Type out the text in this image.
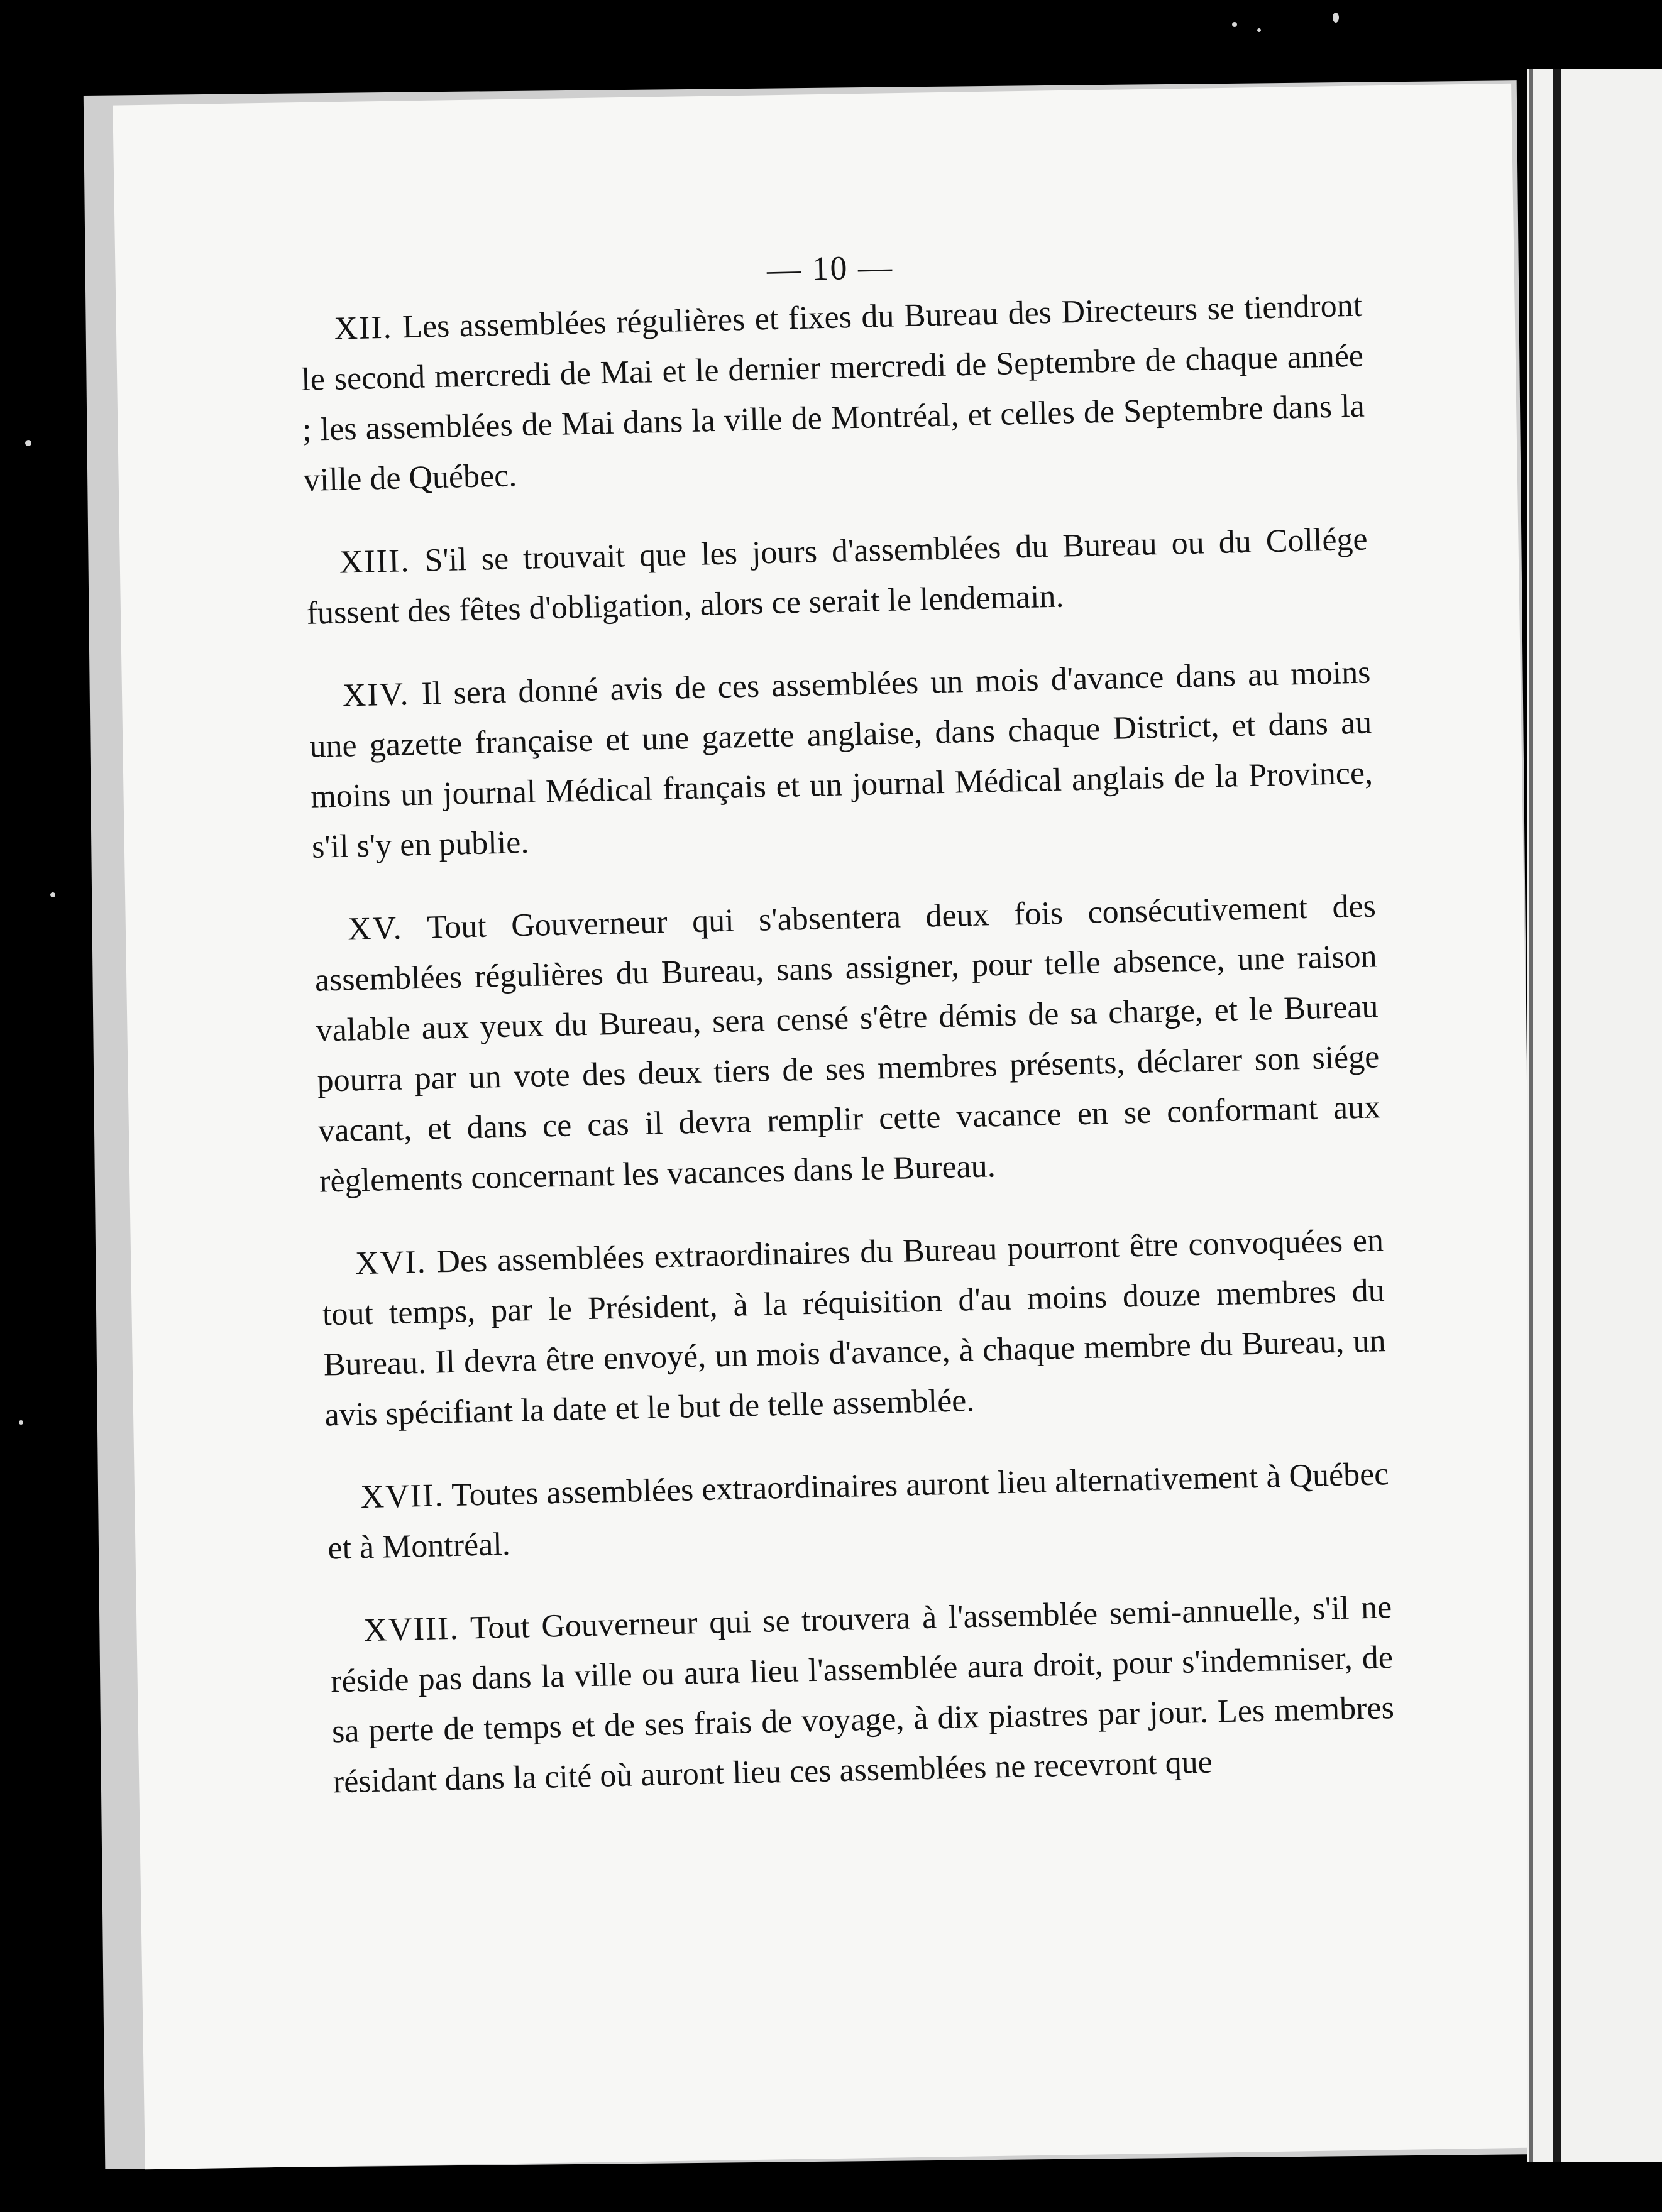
— 10 —

XII. Les assemblées régulières et fixes du Bureau des Directeurs se tiendront le second mercredi de Mai et le dernier mercredi de Septembre de chaque année ; les assemblées de Mai dans la ville de Montréal, et celles de Septembre dans la ville de Québec.

XIII. S'il se trouvait que les jours d'assemblées du Bureau ou du Collége fussent des fêtes d'obligation, alors ce serait le lendemain.

XIV. Il sera donné avis de ces assemblées un mois d'avance dans au moins une gazette française et une gazette anglaise, dans chaque District, et dans au moins un journal Médical français et un journal Médical anglais de la Province, s'il s'y en publie.

XV. Tout Gouverneur qui s'absentera deux fois consécutivement des assemblées régulières du Bureau, sans assigner, pour telle absence, une raison valable aux yeux du Bureau, sera censé s'être démis de sa charge, et le Bureau pourra par un vote des deux tiers de ses membres présents, déclarer son siége vacant, et dans ce cas il devra remplir cette vacance en se conformant aux règlements concernant les vacances dans le Bureau.

XVI. Des assemblées extraordinaires du Bureau pourront être convoquées en tout temps, par le Président, à la réquisition d'au moins douze membres du Bureau. Il devra être envoyé, un mois d'avance, à chaque membre du Bureau, un avis spécifiant la date et le but de telle assemblée.

XVII. Toutes assemblées extraordinaires auront lieu alternativement à Québec et à Montréal.

XVIII. Tout Gouverneur qui se trouvera à l'assemblée semi-annuelle, s'il ne réside pas dans la ville ou aura lieu l'assemblée aura droit, pour s'indemniser, de sa perte de temps et de ses frais de voyage, à dix piastres par jour. Les membres résidant dans la cité où auront lieu ces assemblées ne recevront que
